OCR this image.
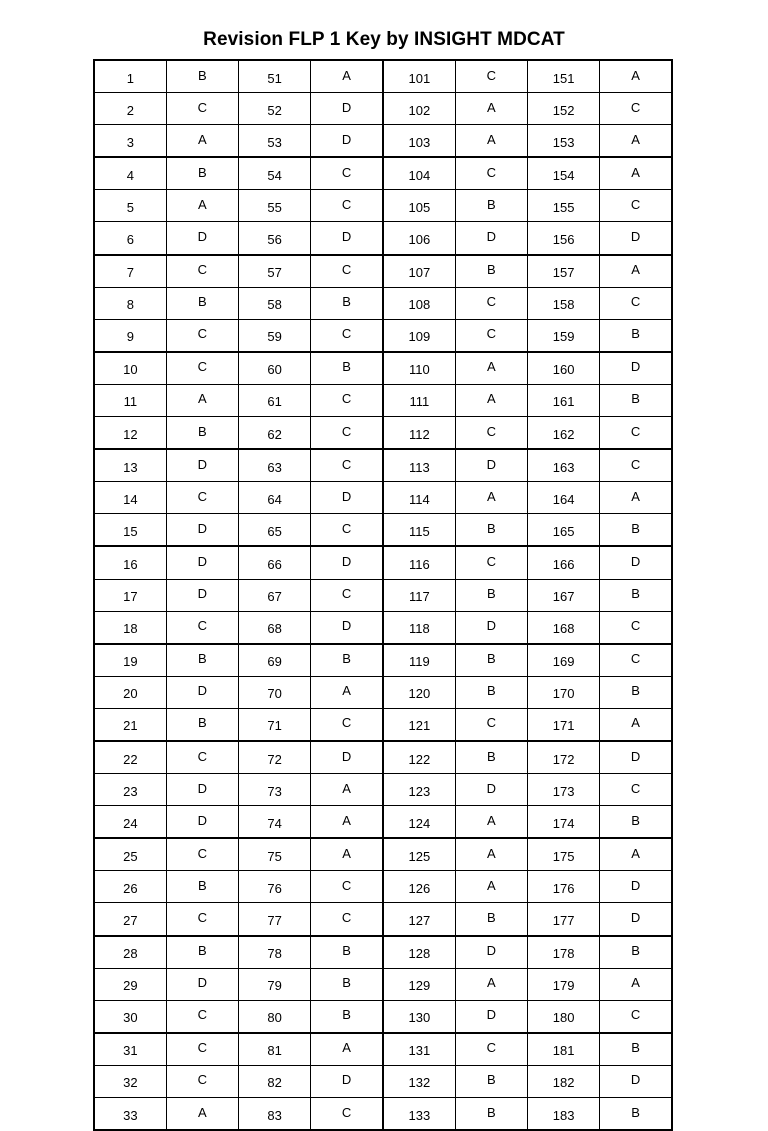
Revision FLP 1 Key by INSIGHT MDCAT
1	B	51	A	101	C	151	A
2	C	52	D	102	A	152	C
3	A	53	D	103	A	153	A
4	B	54	C	104	C	154	A
5	A	55	C	105	B	155	C
6	D	56	D	106	D	156	D
7	C	57	C	107	B	157	A
8	B	58	B	108	C	158	C
9	C	59	C	109	C	159	B
10	C	60	B	110	A	160	D
11	A	61	C	111	A	161	B
12	B	62	C	112	C	162	C
13	D	63	C	113	D	163	C
14	C	64	D	114	A	164	A
15	D	65	C	115	B	165	B
16	D	66	D	116	C	166	D
17	D	67	C	117	B	167	B
18	C	68	D	118	D	168	C
19	B	69	B	119	B	169	C
20	D	70	A	120	B	170	B
21	B	71	C	121	C	171	A
22	C	72	D	122	B	172	D
23	D	73	A	123	D	173	C
24	D	74	A	124	A	174	B
25	C	75	A	125	A	175	A
26	B	76	C	126	A	176	D
27	C	77	C	127	B	177	D
28	B	78	B	128	D	178	B
29	D	79	B	129	A	179	A
30	C	80	B	130	D	180	C
31	C	81	A	131	C	181	B
32	C	82	D	132	B	182	D
33	A	83	C	133	B	183	B
